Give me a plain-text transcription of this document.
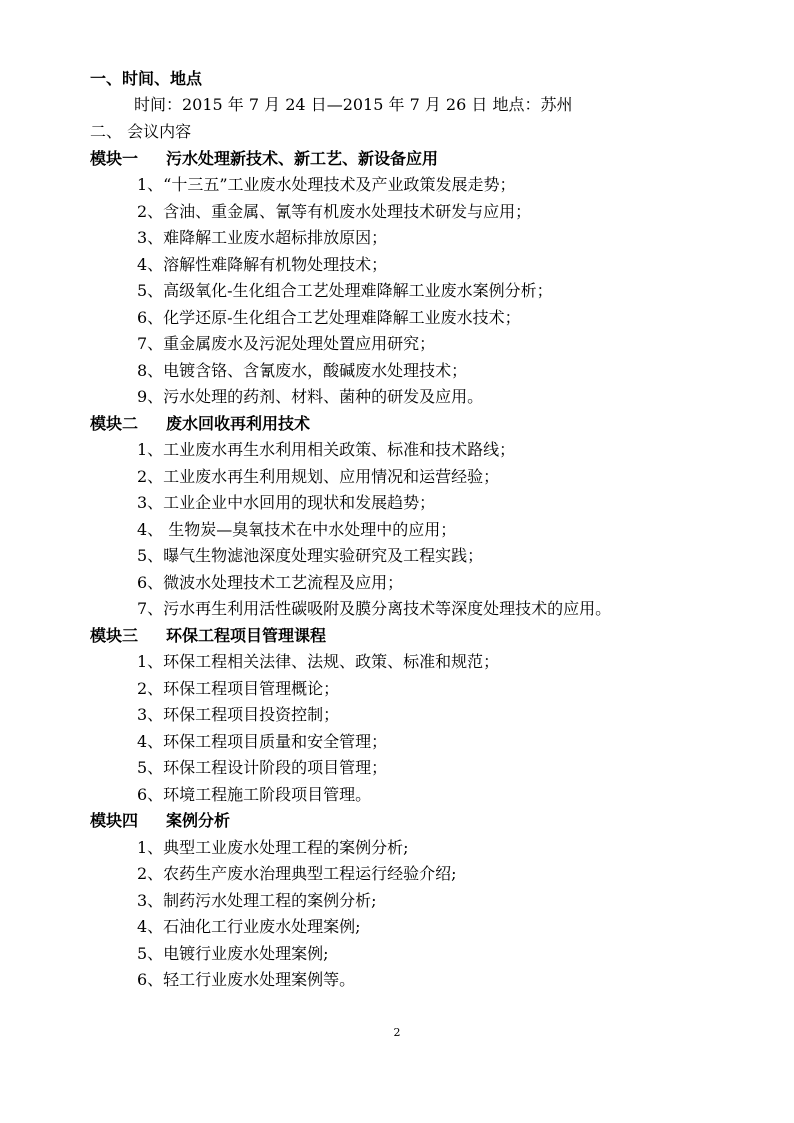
一、时间、地点
时间：2015 年 7 月 24 日—2015 年 7 月 26 日 地点：苏州
二、 会议内容
模块一 污水处理新技术、新工艺、新设备应用
1、“十三五”工业废水处理技术及产业政策发展走势；
2、含油、重金属、氰等有机废水处理技术研发与应用；
3、难降解工业废水超标排放原因；
4、溶解性难降解有机物处理技术；
5、高级氧化-生化组合工艺处理难降解工业废水案例分析；
6、化学还原-生化组合工艺处理难降解工业废水技术；
7、重金属废水及污泥处理处置应用研究；
8、电镀含铬、含氰废水，酸碱废水处理技术；
9、污水处理的药剂、材料、菌种的研发及应用。
模块二 废水回收再利用技术
1、工业废水再生水利用相关政策、标准和技术路线；
2、工业废水再生利用规划、应用情况和运营经验；
3、工业企业中水回用的现状和发展趋势；
4、 生物炭—臭氧技术在中水处理中的应用；
5、曝气生物滤池深度处理实验研究及工程实践；
6、微波水处理技术工艺流程及应用；
7、污水再生利用活性碳吸附及膜分离技术等深度处理技术的应用。
模块三 环保工程项目管理课程
1、环保工程相关法律、法规、政策、标准和规范；
2、环保工程项目管理概论；
3、环保工程项目投资控制；
4、环保工程项目质量和安全管理；
5、环保工程设计阶段的项目管理；
6、环境工程施工阶段项目管理。
模块四 案例分析
1、典型工业废水处理工程的案例分析;
2、农药生产废水治理典型工程运行经验介绍;
3、制药污水处理工程的案例分析;
4、石油化工行业废水处理案例;
5、电镀行业废水处理案例;
6、轻工行业废水处理案例等。
2
